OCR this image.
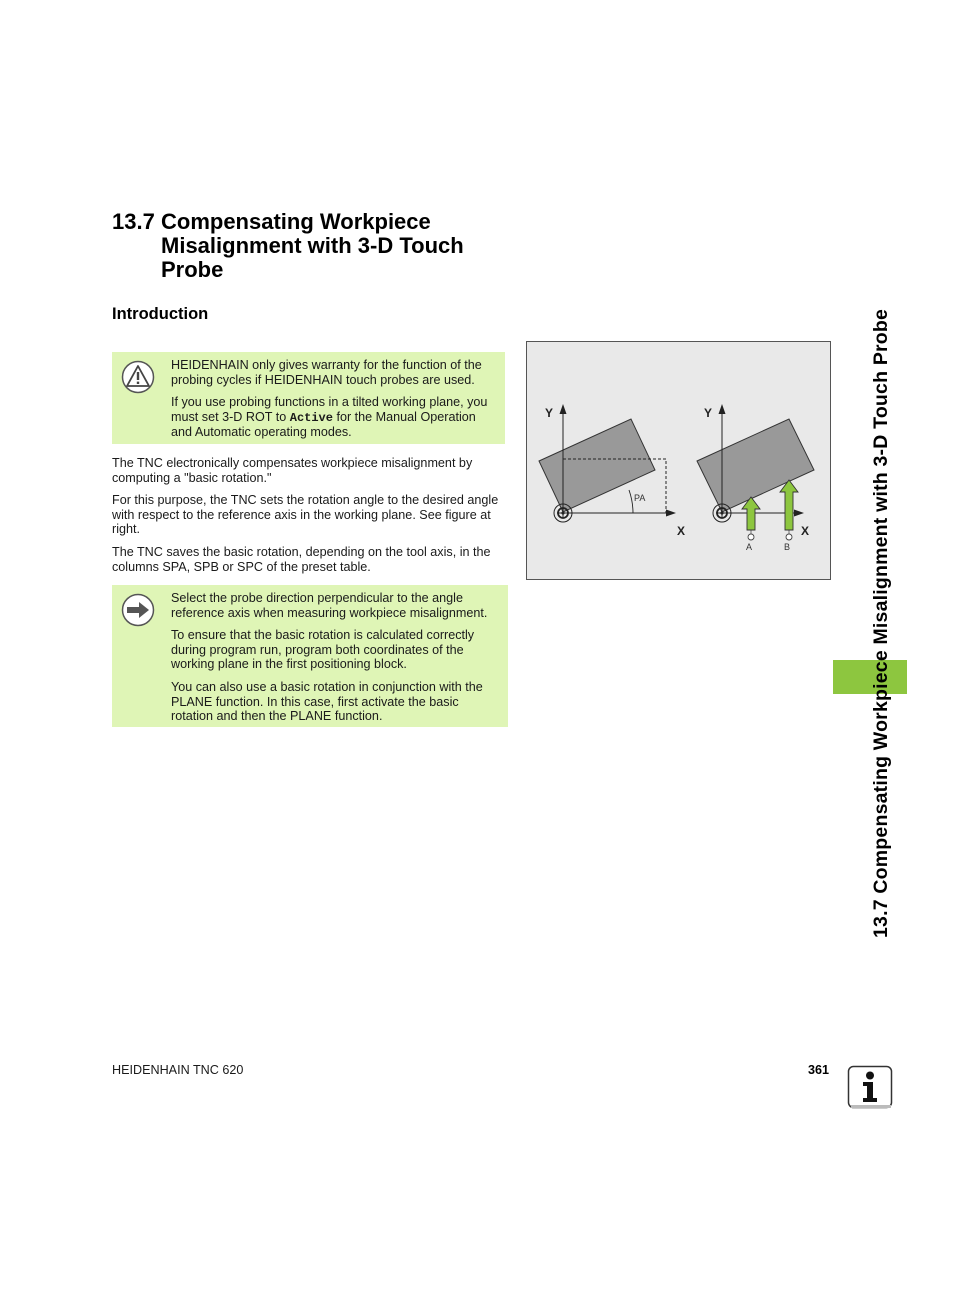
13.7 Compensating Workpiece Misalignment with 3-D Touch Probe
Introduction

HEIDENHAIN only gives warranty for the function of the probing cycles if HEIDENHAIN touch probes are used.

If you use probing functions in a tilted working plane, you must set 3-D ROT to Active for the Manual Operation and Automatic operating modes.

The TNC electronically compensates workpiece misalignment by computing a "basic rotation."
For this purpose, the TNC sets the rotation angle to the desired angle with respect to the reference axis in the working plane. See figure at right.
The TNC saves the basic rotation, depending on the tool axis, in the columns SPA, SPB or SPC of the preset table.

Select the probe direction perpendicular to the angle reference axis when measuring workpiece misalignment.

To ensure that the basic rotation is calculated correctly during program run, program both coordinates of the working plane in the first positioning block.

You can also use a basic rotation in conjunction with the PLANE function. In this case, first activate the basic rotation and then the PLANE function.

Y
X
PA
Y
X
A	B	13.7 Compensating Workpiece Misalignment with 3-D Touch Probe
HEIDENHAIN TNC 620	361
